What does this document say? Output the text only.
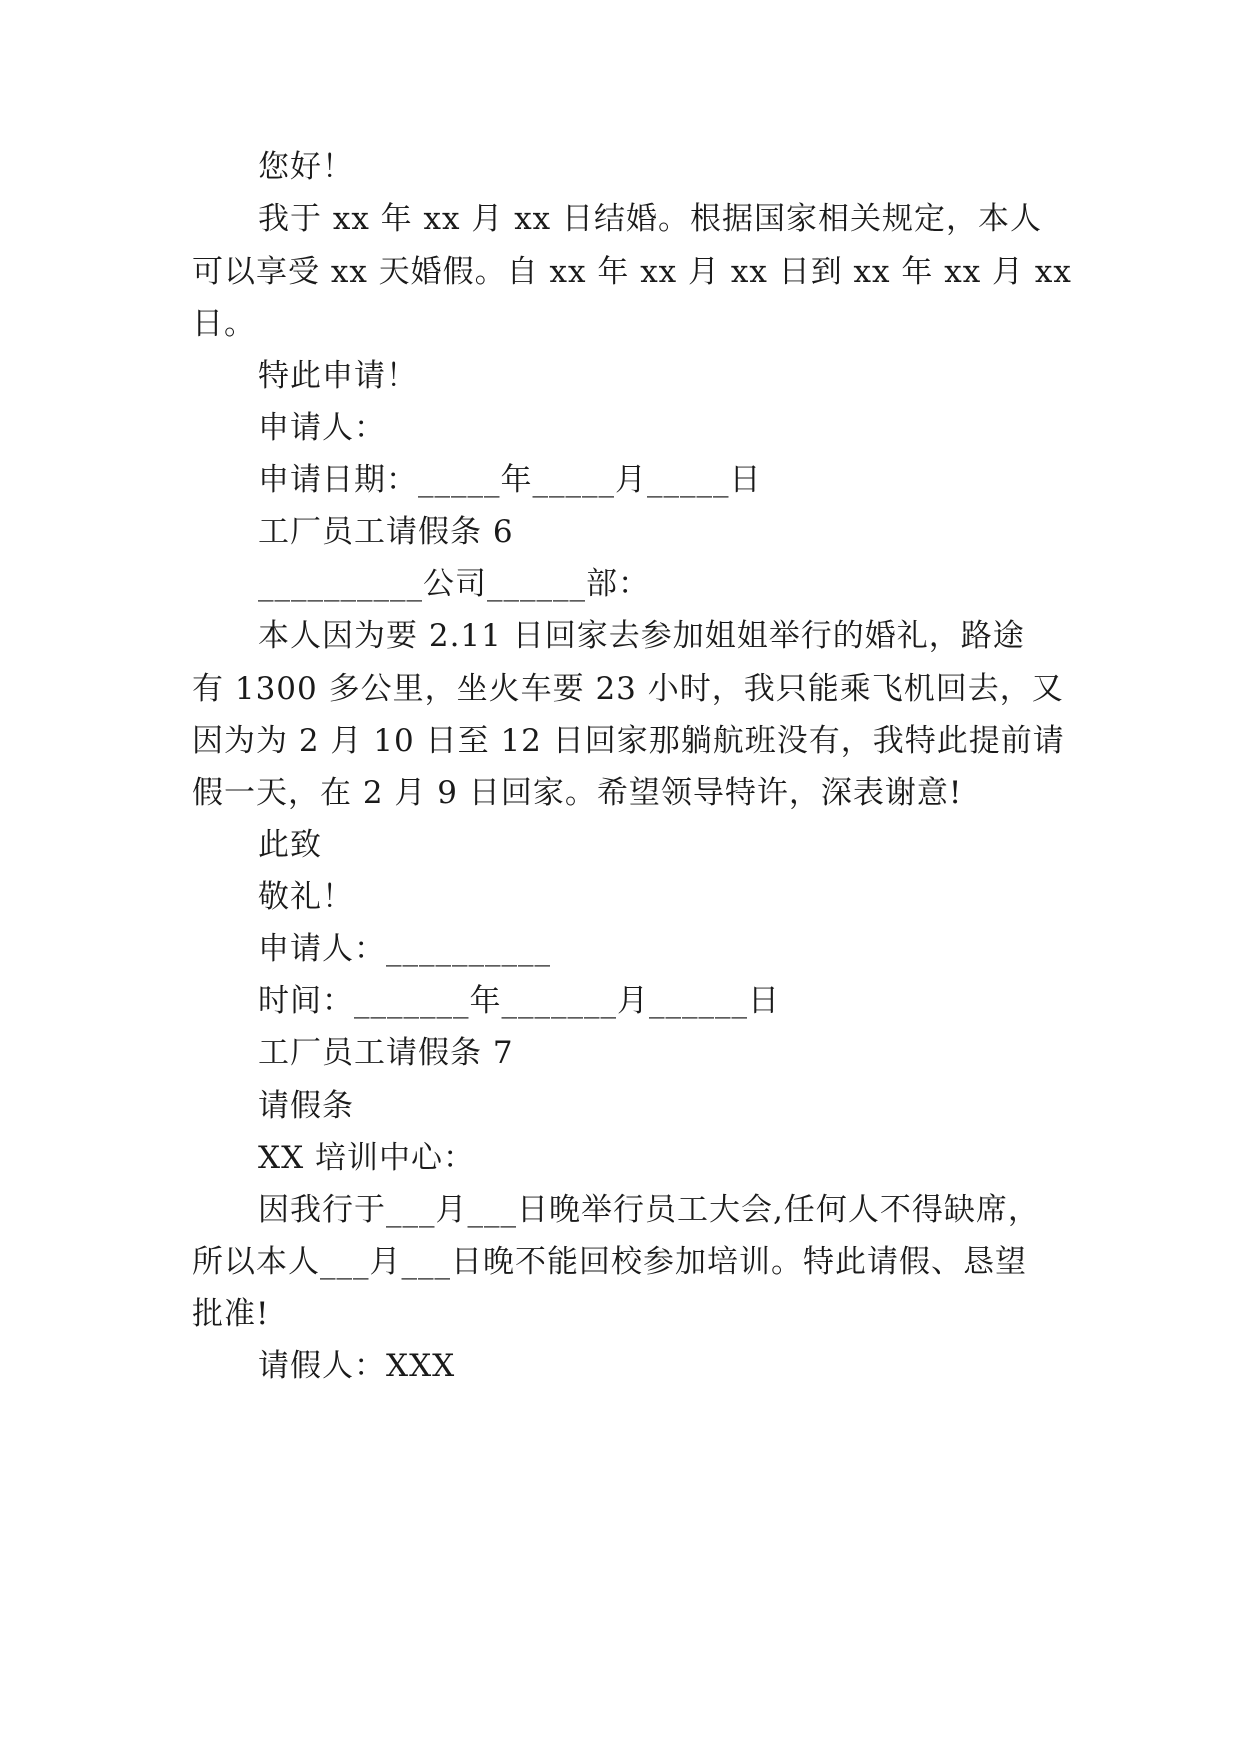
您好！
我于 xx 年 xx 月 xx 日结婚。根据国家相关规定，本人
可以享受 xx 天婚假。自 xx 年 xx 月 xx 日到 xx 年 xx 月 xx
日。
特此申请！
申请人：
申请日期：_____年_____月_____日
工厂员工请假条 6
__________公司______部：
本人因为要 2.11 日回家去参加姐姐举行的婚礼，路途
有 1300 多公里，坐火车要 23 小时，我只能乘飞机回去，又
因为为 2 月 10 日至 12 日回家那躺航班没有，我特此提前请
假一天，在 2 月 9 日回家。希望领导特许，深表谢意!
此致
敬礼！
申请人：__________
时间：_______年_______月______日
工厂员工请假条 7
请假条
XX 培训中心：
因我行于___月___日晚举行员工大会,任何人不得缺席，
所以本人___月___日晚不能回校参加培训。特此请假、恳望
批准!
请假人：XXX
